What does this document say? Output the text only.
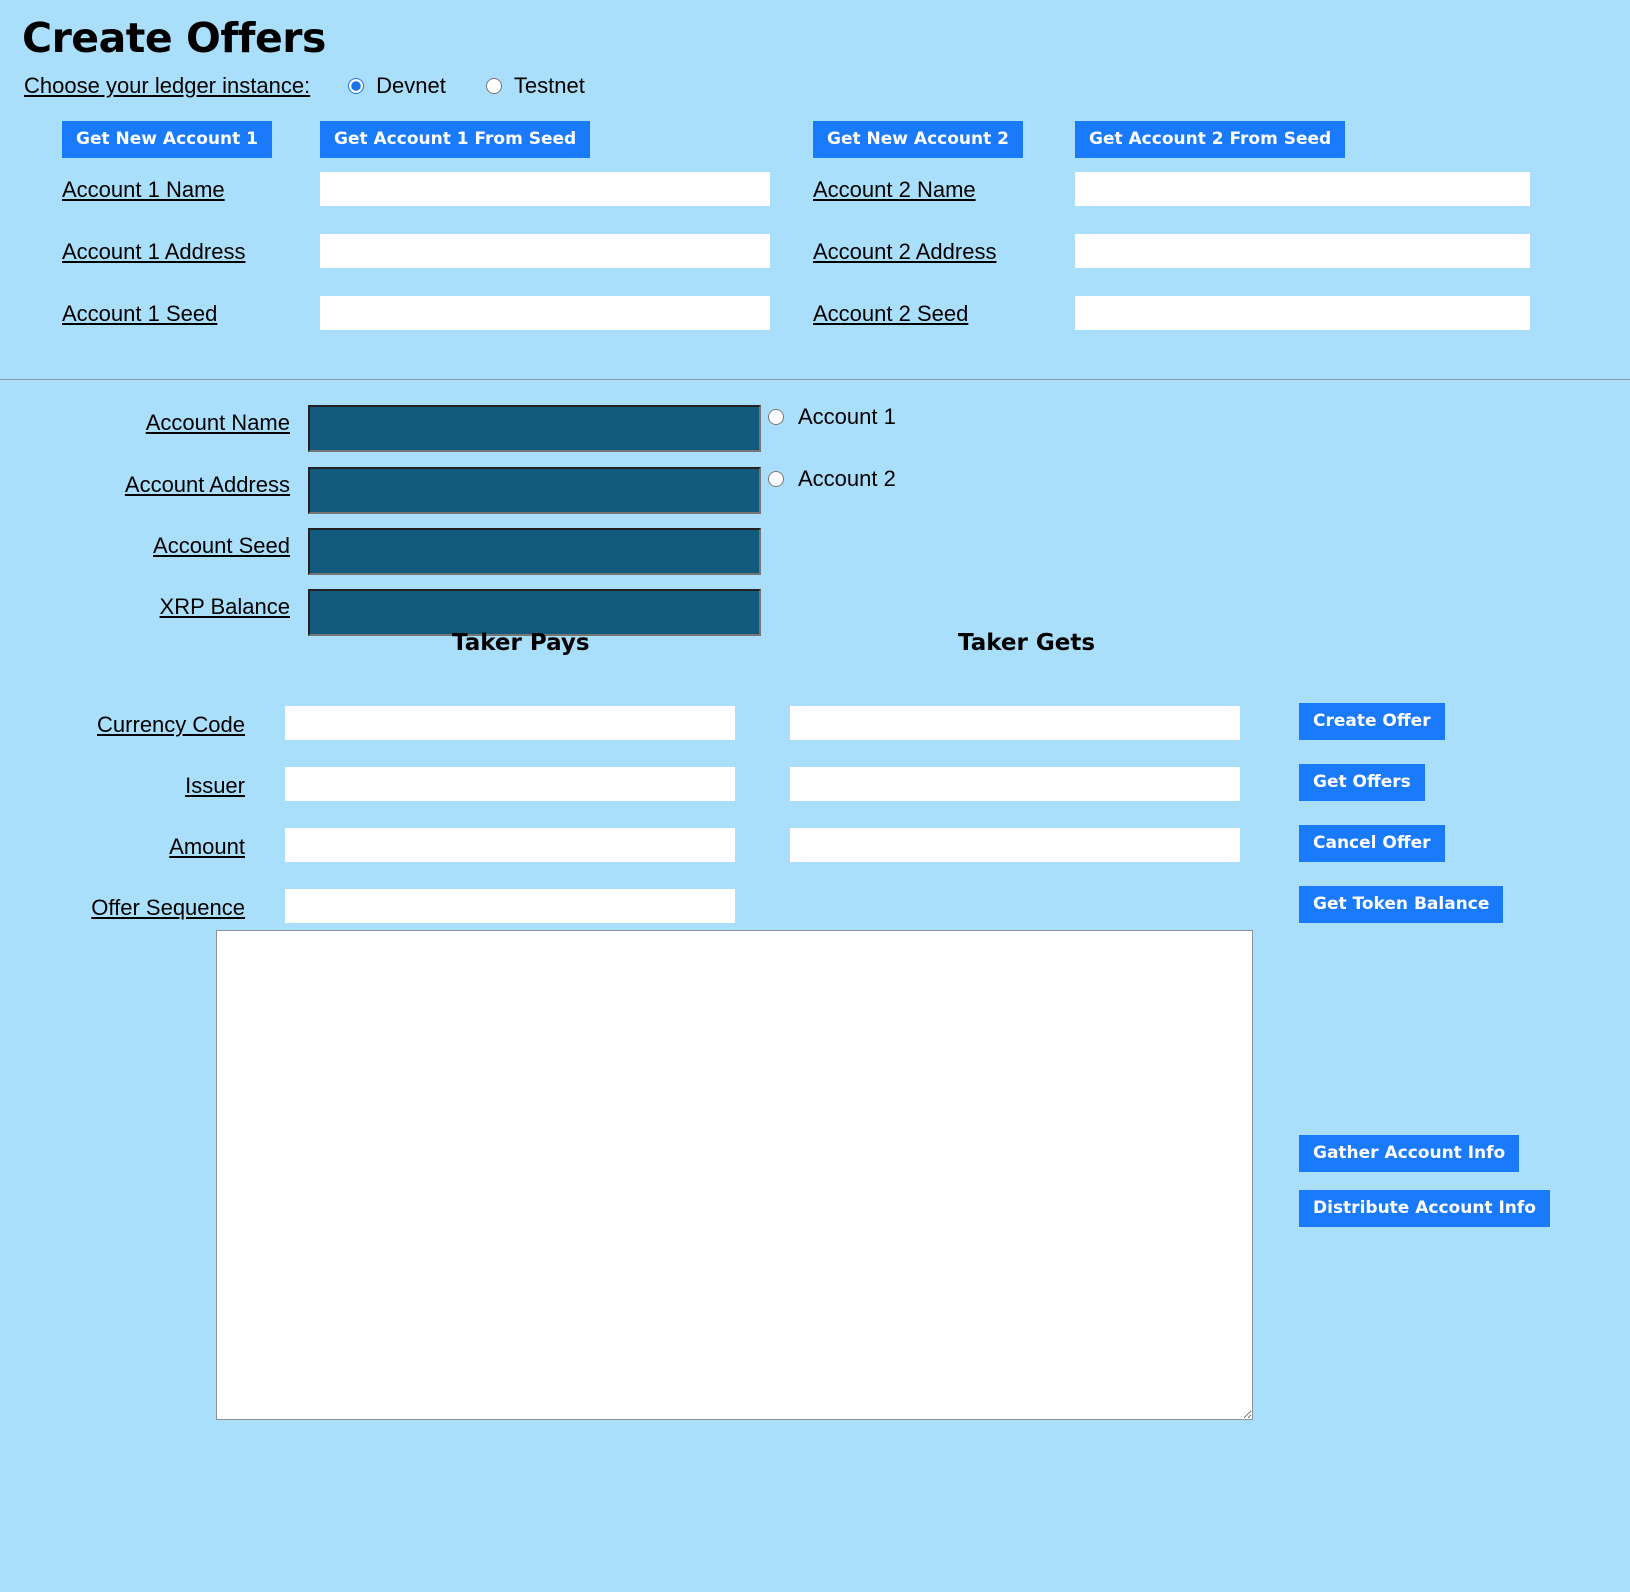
Create Offers
Choose your ledger instance:	Devnet	Testnet
Get New Account 1	Get Account 1 From Seed	Get New Account 2	Get Account 2 From Seed
Account 1 Name
Account 1 Address
Account 1 Seed
Account 2 Name
Account 2 Address
Account 2 Seed
Account Name
Account Address
Account Seed
XRP Balance
Account 1
Account 2
Taker Pays	Taker Gets
Currency Code
Issuer
Amount
Offer Sequence
Create Offer
Get Offers
Cancel Offer
Get Token Balance
Gather Account Info
Distribute Account Info
